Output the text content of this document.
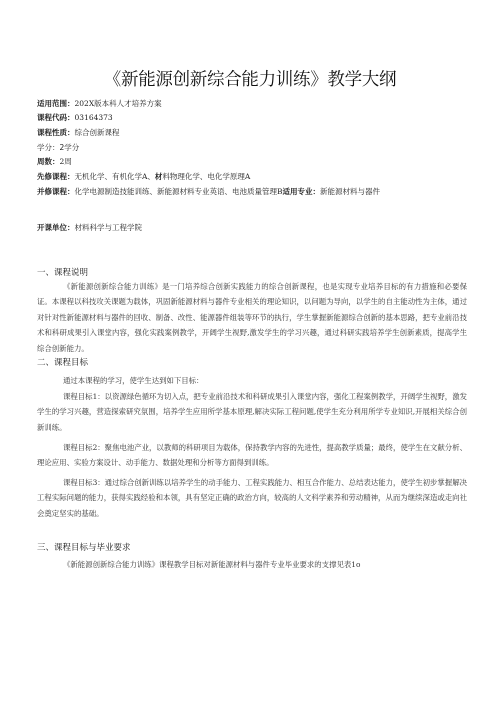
《新能源创新综合能力训练》教学大纲
适用范围：202X版本科人才培养方案
课程代码：03164373
课程性质：综合创新课程
学分：2学分
周数：2周
先修课程：无机化学、有机化学A、材料物理化学、电化学原理A
并修课程：化学电源制造技能训练、新能源材料专业英语、电池质量管理B适用专业：新能源材料与器件
开课单位：材料科学与工程学院
一、课程说明
《新能源创新综合能力训练》是一门培养综合创新实践能力的综合创新课程，也是实现专业培养目标的有力措施和必要保证。本课程以科技攻关课题为载体，巩固新能源材料与器件专业相关的理论知识，以问题为导向，以学生的自主能动性为主体，通过对针对性新能源材料与器件的回收、制备、改性、能源器件组装等环节的执行，学生掌握新能源综合创新的基本思路，把专业前沿技术和科研成果引入课堂内容，强化实践案例教学，开阔学生视野,激发学生的学习兴趣，通过科研实践培养学生创新素质，提高学生综合创新能力。
二、课程目标
通过本课程的学习，使学生达到如下目标：
课程目标1：以资源绿色循环为切入点，把专业前沿技术和科研成果引入课堂内容，强化工程案例教学，开阔学生视野，激发学生的学习兴趣，营造探索研究氛围，培养学生应用所学基本原理,解决实际工程问题,使学生充分利用所学专业知识,开展相关综合创新训练。
课程目标2：聚焦电池产业，以教师的科研项目为载体，保持教学内容的先进性，提高教学质量；最终，使学生在文献分析、理论应用、实验方案设计、动手能力、数据处理和分析等方面得到训练。
课程目标3：通过综合创新训练以培养学生的动手能力、工程实践能力、相互合作能力、总结表达能力，使学生初步掌握解决工程实际问题的能力，获得实践经验和本领，具有坚定正确的政治方向，较高的人文科学素养和劳动精神，从而为继续深造或走向社会奠定坚实的基础。
三、课程目标与毕业要求
《新能源创新综合能力训练》课程教学目标对新能源材料与器件专业毕业要求的支撑见表1o
